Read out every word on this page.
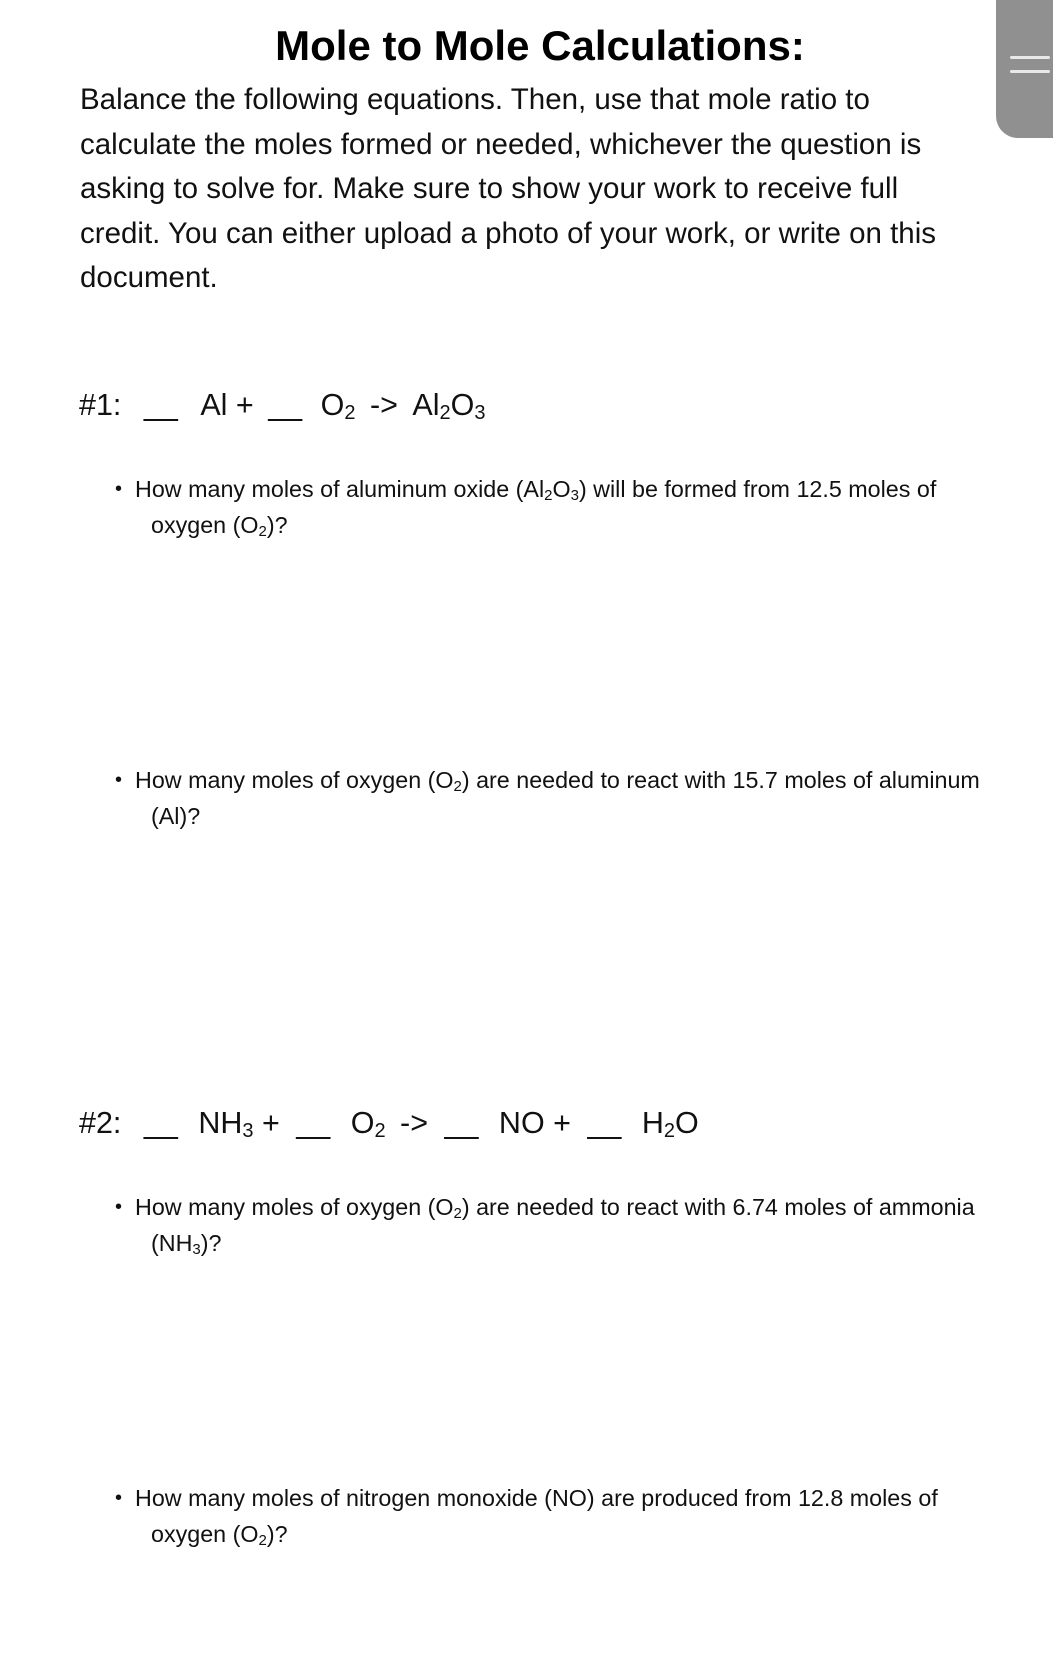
Mole to Mole Calculations:
Balance the following equations. Then, use that mole ratio to
calculate the moles formed or needed, whichever the question is
asking to solve for. Make sure to show your work to receive full
credit. You can either upload a photo of your work, or write on this
document.
#1: __ Al + __ $O_2 -> Al_2O_3$
• How many moles of aluminum oxide $(Al_2O_3)$ will be formed from 12.5 moles of
oxygen $(O_2)$?
• How many moles of oxygen $(O_2)$ are needed to react with 15.7 moles of aluminum
(Al)?
#2: __ $NH_3$ + __ $O_2$ -> __ NO + __ $H_2O$
• How many moles of oxygen $(O_2)$ are needed to react with 6.74 moles of ammonia
$(NH_3)$?
• How many moles of nitrogen monoxide (NO) are produced from 12.8 moles of
oxygen $(O_2)$?
